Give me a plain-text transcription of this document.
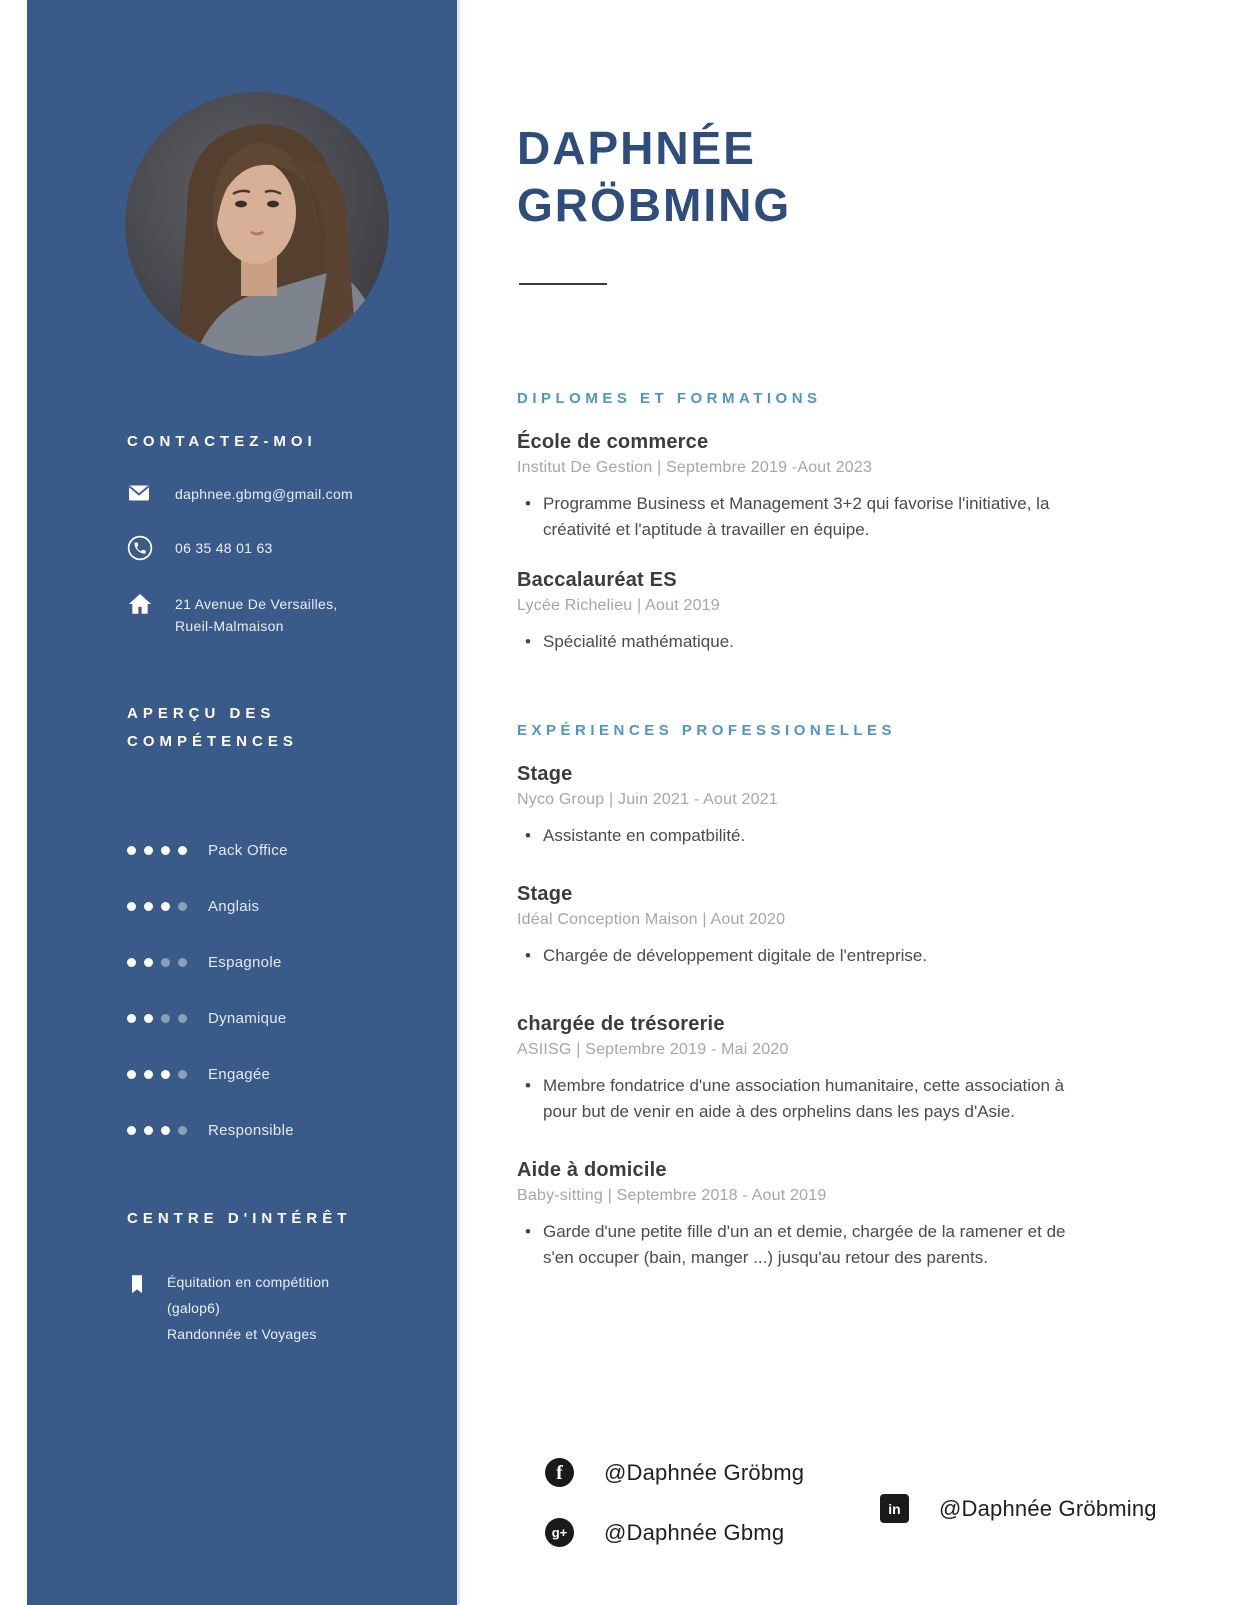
CONTACTEZ-MOI
daphnee.gbmg@gmail.com
06 35 48 01 63
21 Avenue De Versailles, Rueil-Malmaison
APERÇU DES COMPÉTENCES
Pack Office
Anglais
Espagnole
Dynamique
Engagée
Responsible
CENTRE D'INTÉRÊT
Équitation en compétition (galop6)
Randonnée et Voyages
DAPHNÉE
GRÖBMING
DIPLOMES ET FORMATIONS
École de commerce

Institut De Gestion | Septembre 2019 -Aout 2023

• Programme Business et Management 3+2 qui favorise l'initiative, la créativité et l'aptitude à travailler en équipe.
Baccalauréat ES

Lycée Richelieu | Aout 2019

• Spécialité mathématique.
EXPÉRIENCES PROFESSIONELLES
Stage

Nyco Group | Juin 2021 - Aout 2021

• Assistante en compatbilité.
Stage

Idéal Conception Maison | Aout 2020

• Chargée de développement digitale de l'entreprise.
chargée de trésorerie

ASIISG | Septembre 2019 - Mai 2020

• Membre fondatrice d'une association humanitaire, cette association à pour but de venir en aide à des orphelins dans les pays d'Asie.
Aide à domicile

Baby-sitting | Septembre 2018 - Aout 2019

• Garde d'une petite fille d'un an et demie, chargée de la ramener et de s'en occuper (bain, manger ...) jusqu'au retour des parents.
f @Daphnée Gröbmg
g+ @Daphnée Gbmg
in @Daphnée Gröbming
